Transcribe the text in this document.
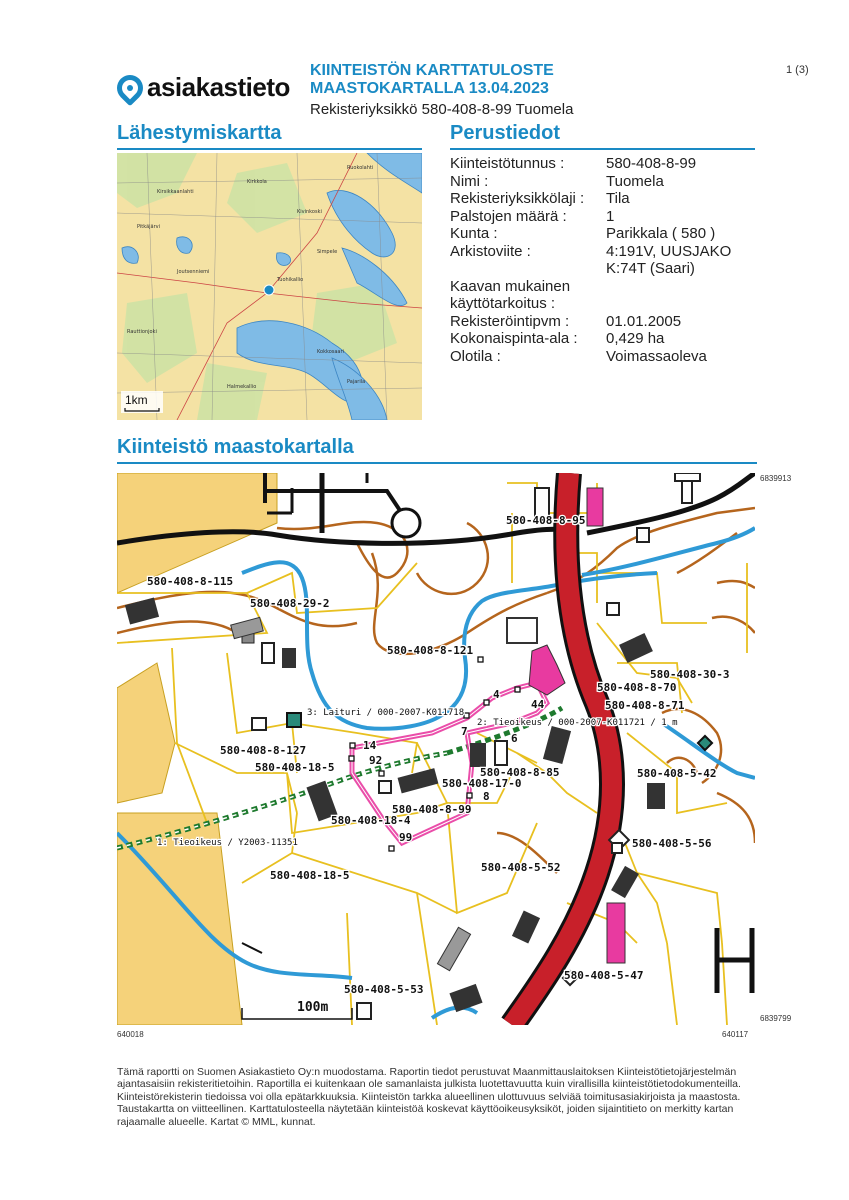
asiakastieto
KIINTEISTÖN KARTTATULOSTE
MAASTOKARTALLA 13.04.2023
Rekisteriyksikkö 580-408-8-99 Tuomela
1 (3)
Lähestymiskartta	Perustiedot
Kiinteistö maastokartalla
Kirsikkaanlahti
Kirkkola
Kivinkoski
Pitkäjärvi
Simpele
Tuohikallio
Rauttionjoki
Kokkosaari
Halmekallio
Joutsenniemi
Pajarila
Ruokolahti
1km
Kiinteistötunnus :	580-408-8-99
Nimi :	Tuomela
Rekisteriyksikkölaji :	Tila
Palstojen määrä :	1
Kunta :	Parikkala ( 580 )
Arkistoviite :	4:191V, UUSJAKO K:74T (Saari)
Kaavan mukainen käyttötarkoitus :
Rekisteröintipvm :	01.01.2005
Kokonaispinta-ala :	0,429 ha
Olotila :	Voimassaoleva
6839913
6839799
640018	640117
100m
580-408-8-95
580-408-8-115
580-408-29-2
580-408-8-121
580-408-30-3
580-408-8-70
580-408-8-71
580-408-8-127
580-408-18-5	580-408-8-85
580-408-17-0
580-408-5-42
580-408-8-99
580-408-18-4
580-408-5-56
580-408-18-5
580-408-5-52
580-408-5-47
580-408-5-53
3: Laituri / 000-2007-K011718
2: Tieoikeus / 000-2007-K011721 / 1 m
1: Tieoikeus / Y2003-11351
4
6
44
7
14
92
8
99

Tämä raportti on Suomen Asiakastieto Oy:n muodostama. Raportin tiedot perustuvat Maanmittauslaitoksen Kiinteistötietojärjestelmän ajantasaisiin rekisteritietoihin. Raportilla ei kuitenkaan ole samanlaista julkista luotettavuutta kuin virallisilla kiinteistötietodokumenteilla. Kiinteistörekisterin tiedoissa voi olla epätarkkuuksia. Kiinteistön tarkka alueellinen ulottuvuus selviää toimitusasiakirjoista ja maastosta. Taustakartta on viitteellinen. Karttatulosteella näytetään kiinteistöä koskevat käyttöoikeusyksiköt, joiden sijaintitieto on merkitty kartan rajaamalle alueelle. Kartat © MML, kunnat.
